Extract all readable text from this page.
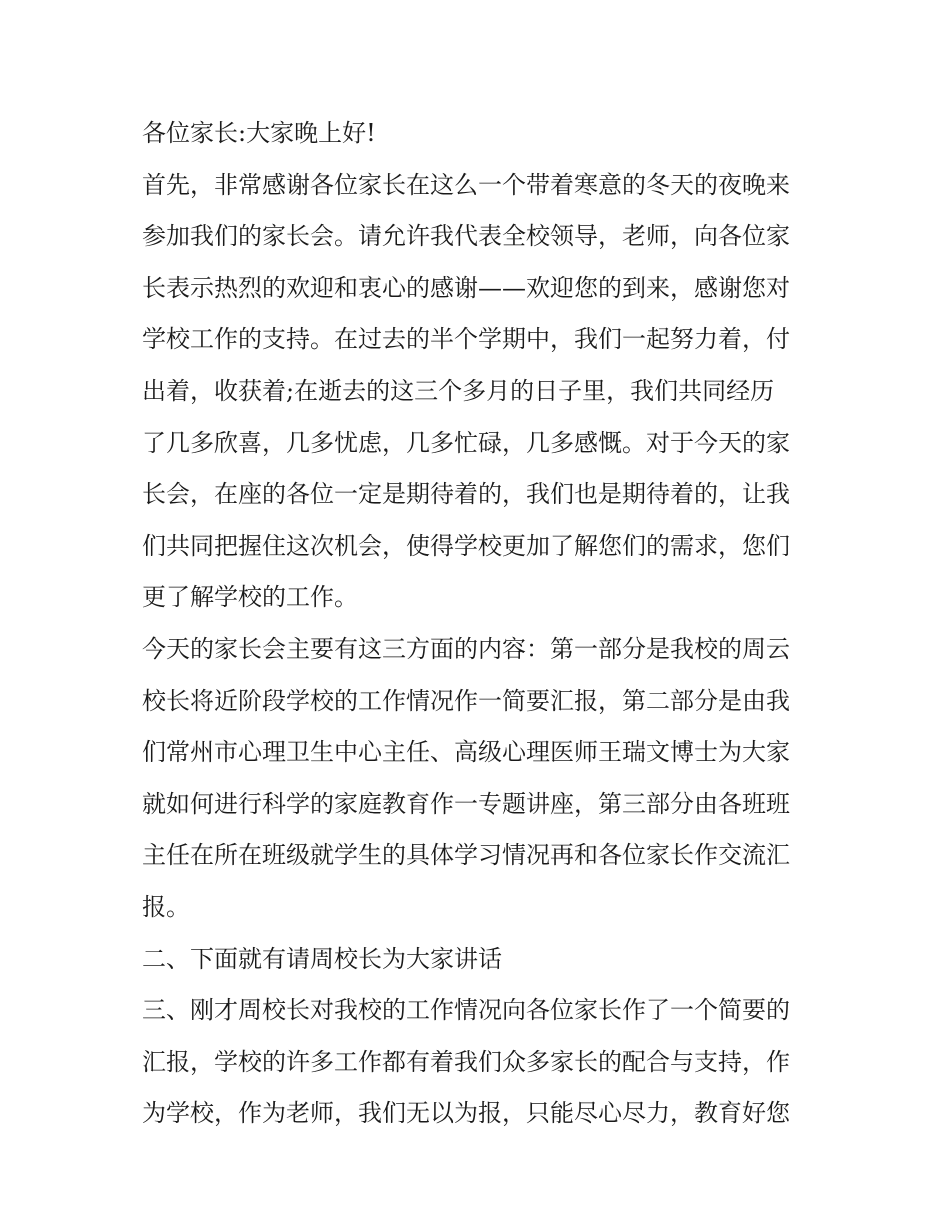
各位家长:大家晚上好!
首先，非常感谢各位家长在这么一个带着寒意的冬天的夜晚来
参加我们的家长会。请允许我代表全校领导，老师，向各位家
长表示热烈的欢迎和衷心的感谢——欢迎您的到来，感谢您对
学校工作的支持。在过去的半个学期中，我们一起努力着，付
出着，收获着;在逝去的这三个多月的日子里，我们共同经历
了几多欣喜，几多忧虑，几多忙碌，几多感慨。对于今天的家
长会，在座的各位一定是期待着的，我们也是期待着的，让我
们共同把握住这次机会，使得学校更加了解您们的需求，您们
更了解学校的工作。
今天的家长会主要有这三方面的内容：第一部分是我校的周云
校长将近阶段学校的工作情况作一简要汇报，第二部分是由我
们常州市心理卫生中心主任、高级心理医师王瑞文博士为大家
就如何进行科学的家庭教育作一专题讲座，第三部分由各班班
主任在所在班级就学生的具体学习情况再和各位家长作交流汇
报。
二、下面就有请周校长为大家讲话
三、刚才周校长对我校的工作情况向各位家长作了一个简要的
汇报，学校的许多工作都有着我们众多家长的配合与支持，作
为学校，作为老师，我们无以为报，只能尽心尽力，教育好您
